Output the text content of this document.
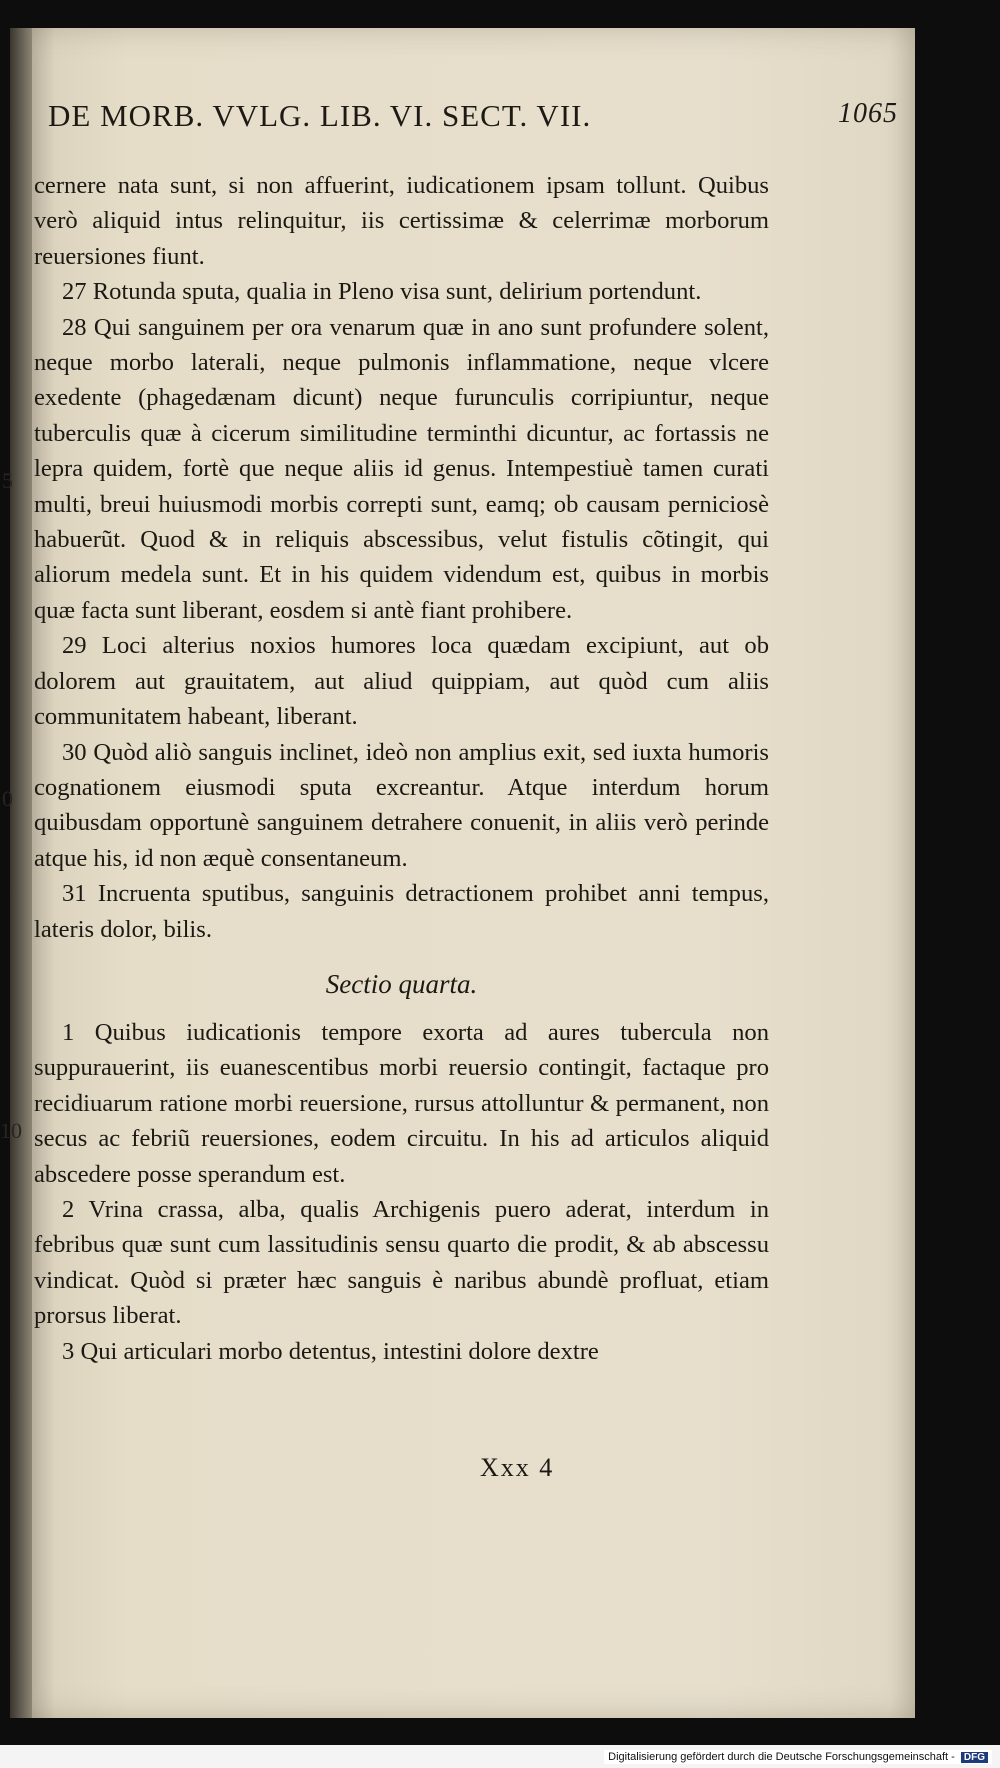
DE MORB. VVLG. LIB. VI. SECT. VII.	1065

cernere nata sunt, si non affuerint, iudicationem ipsam tollunt. Quibus verò aliquid intus relinquitur, iis certissimæ & celerrimæ morborum reuersiones fiunt.

27 Rotunda sputa, qualia in Pleno visa sunt, delirium portendunt.

28 Qui sanguinem per ora venarum quæ in ano sunt profundere solent, neque morbo laterali, neque pulmonis inflammatione, neque vlcere exedente (phagedænam dicunt) neque furunculis corripiuntur, neque tuberculis quæ à cicerum similitudine terminthi dicuntur, ac fortassis ne lepra quidem, fortè que neque aliis id genus. Intempestiuè tamen curati multi, breui huiusmodi morbis correpti sunt, eamq; ob causam perniciosè habuerũt. Quod & in reliquis abscessibus, velut fistulis cõtingit, qui aliorum medela sunt. Et in his quidem videndum est, quibus in morbis quæ facta sunt liberant, eosdem si antè fiant prohibere.

29 Loci alterius noxios humores loca quædam excipiunt, aut ob dolorem aut grauitatem, aut aliud quippiam, aut quòd cum aliis communitatem habeant, liberant.

30 Quòd aliò sanguis inclinet, ideò non amplius exit, sed iuxta humoris cognationem eiusmodi sputa excreantur. Atque interdum horum quibusdam opportunè sanguinem detrahere conuenit, in aliis verò perinde atque his, id non æquè consentaneum.

31 Incruenta sputibus, sanguinis detractionem prohibet anni tempus, lateris dolor, bilis.

Sectio quarta.

1 Quibus iudicationis tempore exorta ad aures tubercula non suppurauerint, iis euanescentibus morbi reuersio contingit, factaque pro recidiuarum ratione morbi reuersione, rursus attolluntur & permanent, non secus ac febriũ reuersiones, eodem circuitu. In his ad articulos aliquid abscedere posse sperandum est.

2 Vrina crassa, alba, qualis Archigenis puero aderat, interdum in febribus quæ sunt cum lassitudinis sensu quarto die prodit, & ab abscessu vindicat. Quòd si præter hæc sanguis è naribus abundè profluat, etiam prorsus liberat.

3 Qui articulari morbo detentus, intestini dolore dextre

Xxx 4
5
0
10
Digitalisierung gefördert durch die Deutsche Forschungsgemeinschaft - DFG
